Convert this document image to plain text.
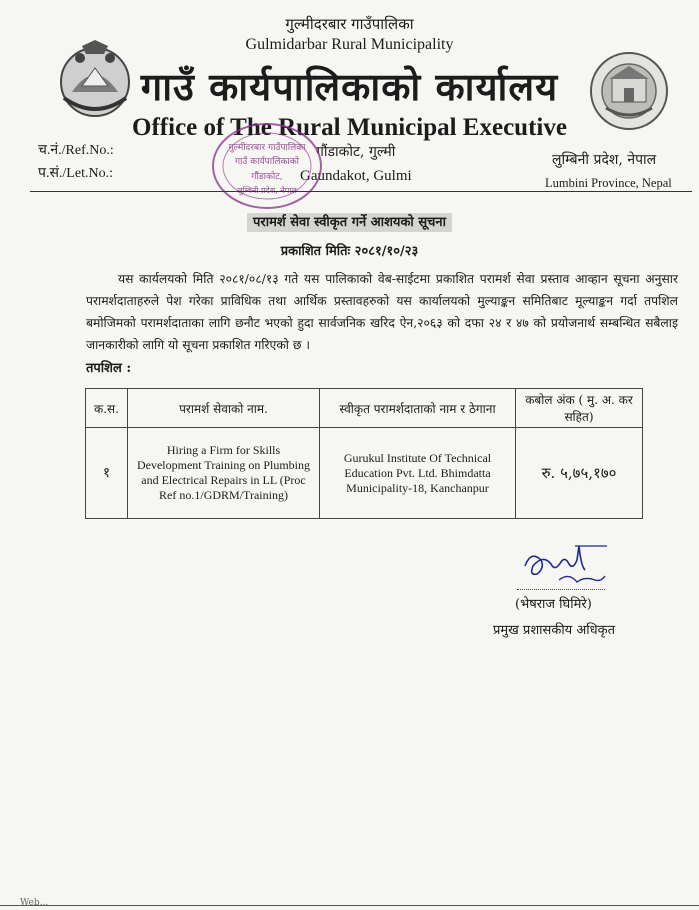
गुल्मीदरबार गाउँपालिका
Gulmidarbar Rural Municipality
गाउँ कार्यपालिकाको कार्यालय
Office of The Rural Municipal Executive
च.नं./Ref.No.:
प.सं./Let.No.:
गौंडाकोट, गुल्मी
Gaundakot, Gulmi
लुम्बिनी प्रदेश, नेपाल
Lumbini Province, Nepal
गुल्मीदरबार गाउँपालिका
गाउँ कार्यपालिकाको
गौंडाकोट,
लुम्बिनी प्रदेश, नेपाल
परामर्श सेवा स्वीकृत गर्ने आशयको सूचना
प्रकाशित मितिः २०८१/१०/२३
यस कार्यलयको मिति २०८१/०८/१३ गते यस पालिकाको वेब-साईटमा प्रकाशित परामर्श सेवा प्रस्ताव आव्हान सूचना अनुसार परामर्शदाताहरुले पेश गरेका प्राविधिक तथा आर्थिक प्रस्तावहरुको यस कार्यालयको मुल्याङ्कन समितिबाट मूल्याङ्कन गर्दा तपशिल बमोजिमको परामर्शदाताका लागि छनौट भएको हुदा सार्वजनिक खरिद ऐन,२०६३ को दफा २४ र ४७ को प्रयोजनार्थ सम्बन्धित सबैलाइ जानकारीको लागि यो सूचना प्रकाशित गरिएको छ ।
तपशिल :
क.स.	परामर्श सेवाको नाम.	स्वीकृत परामर्शदाताको नाम र ठेगाना	कबोल अंक ( मु. अ. कर सहित)
१	Hiring a Firm for Skills Development Training on Plumbing and Electrical Repairs in LL (Proc Ref no.1/GDRM/Training)	Gurukul Institute Of Technical Education Pvt. Ltd. Bhimdatta Municipality-18, Kanchanpur	रु. ५,७५,१७०
(भेषराज घिमिरे)
प्रमुख प्रशासकीय अधिकृत
Web...
